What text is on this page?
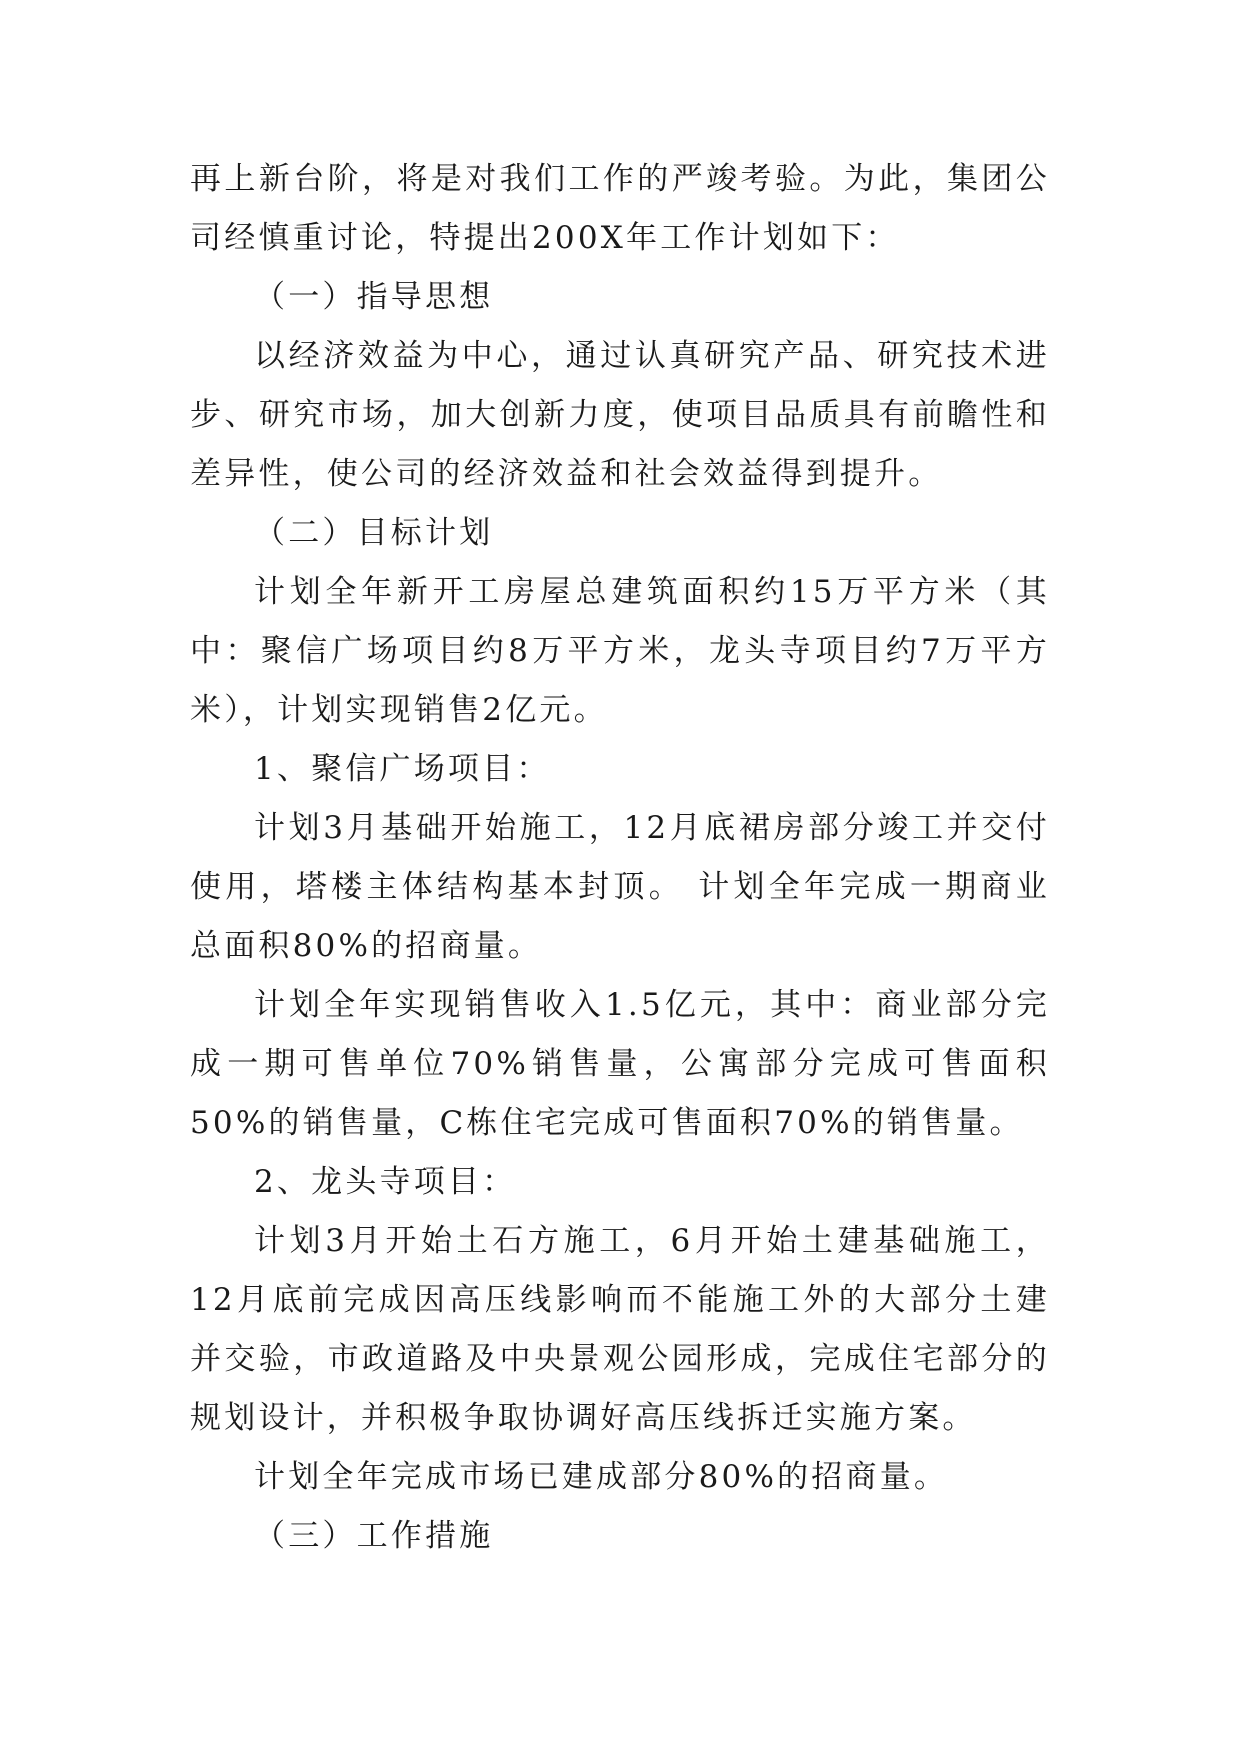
再上新台阶，将是对我们工作的严竣考验。为此，集团公司经慎重讨论，特提出200X年工作计划如下：

（一）指导思想

以经济效益为中心，通过认真研究产品、研究技术进步、研究市场，加大创新力度，使项目品质具有前瞻性和差异性，使公司的经济效益和社会效益得到提升。

（二）目标计划

计划全年新开工房屋总建筑面积约15万平方米（其中：聚信广场项目约8万平方米，龙头寺项目约7万平方米），计划实现销售2亿元。

1、聚信广场项目：

计划3月基础开始施工，12月底裙房部分竣工并交付使用，塔楼主体结构基本封顶。 计划全年完成一期商业总面积80%的招商量。

计划全年实现销售收入1.5亿元，其中：商业部分完成一期可售单位70%销售量，公寓部分完成可售面积50%的销售量，C栋住宅完成可售面积70%的销售量。

2、龙头寺项目：

计划3月开始土石方施工，6月开始土建基础施工，12月底前完成因高压线影响而不能施工外的大部分土建并交验，市政道路及中央景观公园形成，完成住宅部分的规划设计，并积极争取协调好高压线拆迁实施方案。

计划全年完成市场已建成部分80%的招商量。

（三）工作措施
